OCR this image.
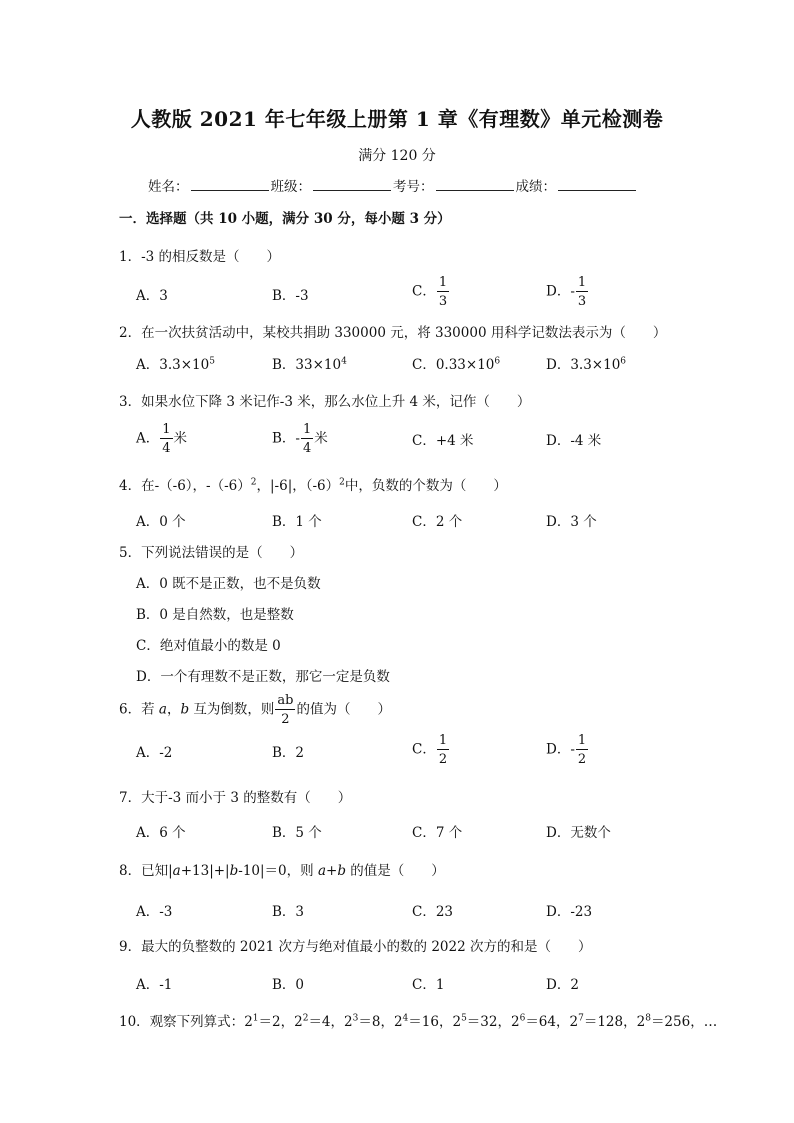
人教版 2021 年七年级上册第 1 章《有理数》单元检测卷
满分 120 分
姓名：	班级：	考号：	成绩：
一．选择题（共 10 小题，满分 30 分，每小题 3 分）
1．-3 的相反数是（　　）
A．3	B．-3	C． $\frac{1}{3}$	D．- $\frac{1}{3}$
2．在一次扶贫活动中，某校共捐助 330000 元，将 330000 用科学记数法表示为（　　）
A．$3.3\times 10^5$	B．$33\times 10^4$	C．$0.33\times 10^6$	D．$3.3\times 10^6$
3．如果水位下降 3 米记作-3 米，那么水位上升 4 米，记作（　　）
A． $\frac{1}{4}$ 米	B．- $\frac{1}{4}$ 米	C．+4 米	D．-4 米
4．在-（-6），$-(-6)^2$，|-6|，$(-6)^2$中，负数的个数为（　　）
A．0 个	B．1 个	C．2 个	D．3 个
5．下列说法错误的是（　　）
A．0 既不是正数，也不是负数
B．0 是自然数，也是整数
C．绝对值最小的数是 0
D．一个有理数不是正数，那它一定是负数
6．若 a，b 互为倒数，则 $\frac{ab}{2}$ 的值为（　　）
A．-2	B．2	C． $\frac{1}{2}$	D．- $\frac{1}{2}$
7．大于-3 而小于 3 的整数有（　　）
A．6 个	B．5 个	C．7 个	D．无数个
8．已知|a+13|+|b-10|＝0，则 a+b 的值是（　　）
A．-3	B．3	C．23	D．-23
9．最大的负整数的 2021 次方与绝对值最小的数的 2022 次方的和是（　　）
A．-1	B．0	C．1	D．2
10．观察下列算式：$2^1=2$，$2^2=4$，$2^3=8$，$2^4=16$，$2^5=32$，$2^6=64$，$2^7=128$，$2^8=256$，…
